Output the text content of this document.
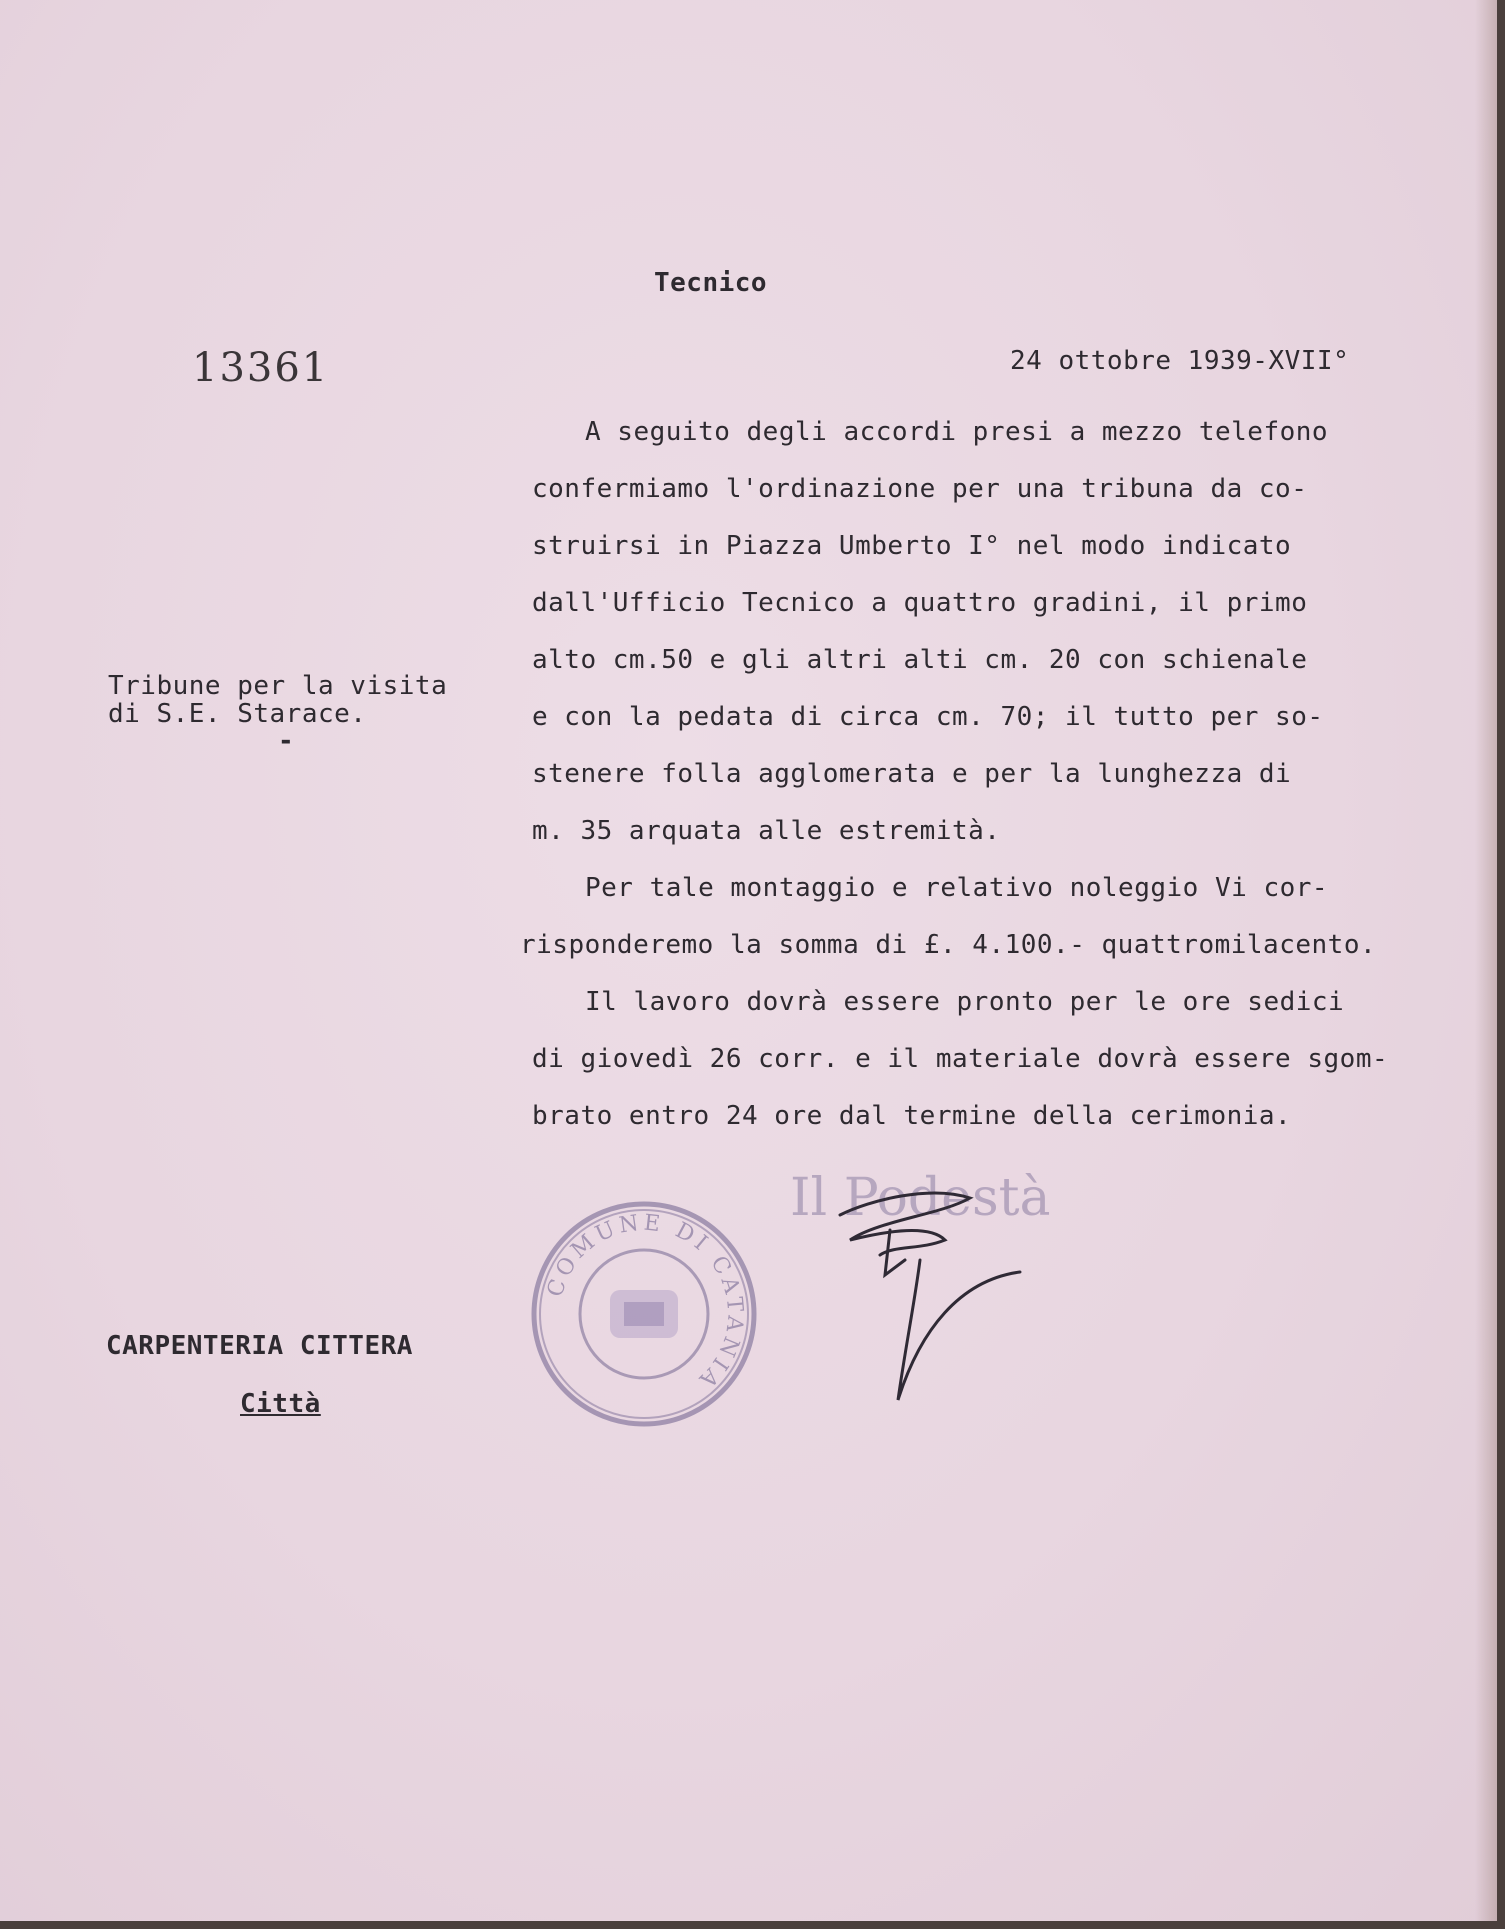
Tecnico
13361	24 ottobre 1939-XVII°
Tribune per la visita
di S.E. Starace.
-
A seguito degli accordi presi a mezzo telefono
confermiamo l'ordinazione per una tribuna da co-
struirsi in Piazza Umberto I° nel modo indicato
dall'Ufficio Tecnico a quattro gradini, il primo
alto cm.50 e gli altri alti cm. 20 con schienale
e con la pedata di circa cm. 70; il tutto per so-
stenere folla agglomerata e per la lunghezza di
m. 35 arquata alle estremità.
Per tale montaggio e relativo noleggio Vi cor-
risponderemo la somma di £. 4.100.- quattromilacento.
Il lavoro dovrà essere pronto per le ore sedici
di giovedì 26 corr. e il materiale dovrà essere sgom-
brato entro 24 ore dal termine della cerimonia.
Il Podestà
COMUNE DI CATANIA
CARPENTERIA CITTERA
Città
